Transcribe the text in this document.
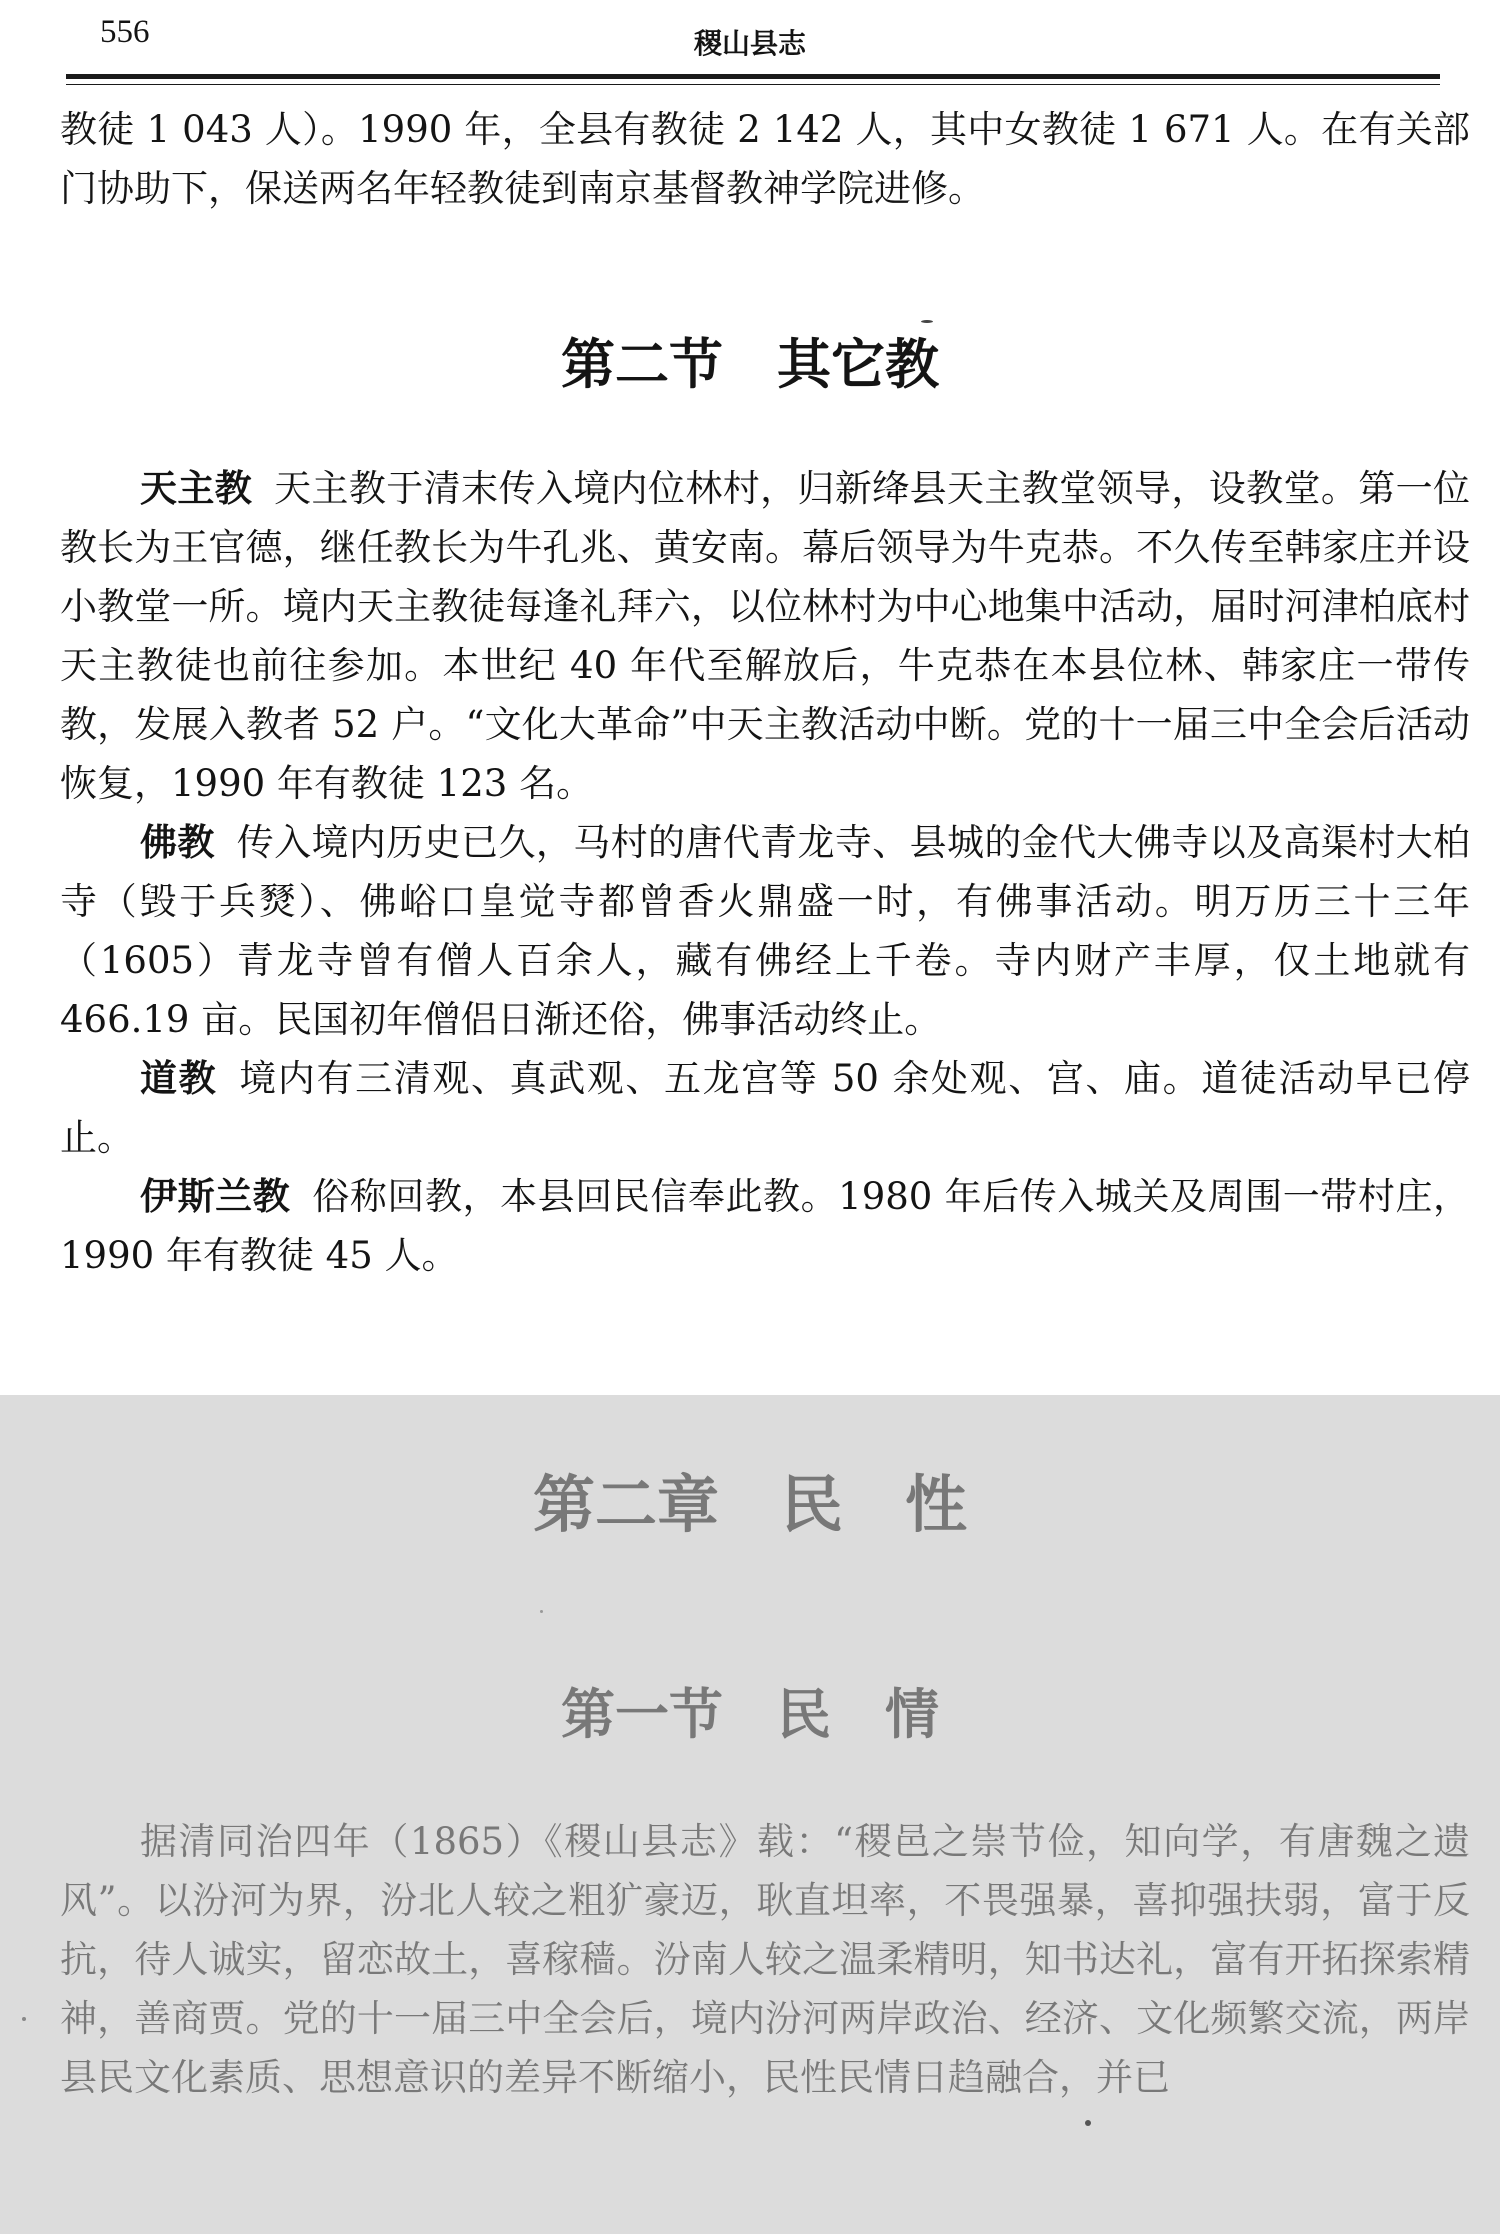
556	稷山县志

教徒 1 043 人）。1990 年，全县有教徒 2 142 人，其中女教徒 1 671 人。在有关部门协助下，保送两名年轻教徒到南京基督教神学院进修。

第二节　其它教

天主教 天主教于清末传入境内位林村，归新绛县天主教堂领导，设教堂。第一位教长为王官德，继任教长为牛孔兆、黄安南。幕后领导为牛克恭。不久传至韩家庄并设小教堂一所。境内天主教徒每逢礼拜六，以位林村为中心地集中活动，届时河津柏底村天主教徒也前往参加。本世纪 40 年代至解放后，牛克恭在本县位林、韩家庄一带传教，发展入教者 52 户。“文化大革命”中天主教活动中断。党的十一届三中全会后活动恢复，1990 年有教徒 123 名。

佛教 传入境内历史已久，马村的唐代青龙寺、县城的金代大佛寺以及高渠村大柏寺（毁于兵燹）、佛峪口皇觉寺都曾香火鼎盛一时，有佛事活动。明万历三十三年（1605）青龙寺曾有僧人百余人，藏有佛经上千卷。寺内财产丰厚，仅土地就有 466.19 亩。民国初年僧侣日渐还俗，佛事活动终止。

道教 境内有三清观、真武观、五龙宫等 50 余处观、宫、庙。道徒活动早已停止。

伊斯兰教 俗称回教，本县回民信奉此教。1980 年后传入城关及周围一带村庄，1990 年有教徒 45 人。

第二章　民　性
第一节　民　情

据清同治四年（1865）《稷山县志》载：“稷邑之崇节俭，知向学，有唐魏之遗风”。以汾河为界，汾北人较之粗犷豪迈，耿直坦率，不畏强暴，喜抑强扶弱，富于反抗，待人诚实，留恋故土，喜稼穑。汾南人较之温柔精明，知书达礼，富有开拓探索精神，善商贾。党的十一届三中全会后，境内汾河两岸政治、经济、文化频繁交流，两岸县民文化素质、思想意识的差异不断缩小，民性民情日趋融合，并已
